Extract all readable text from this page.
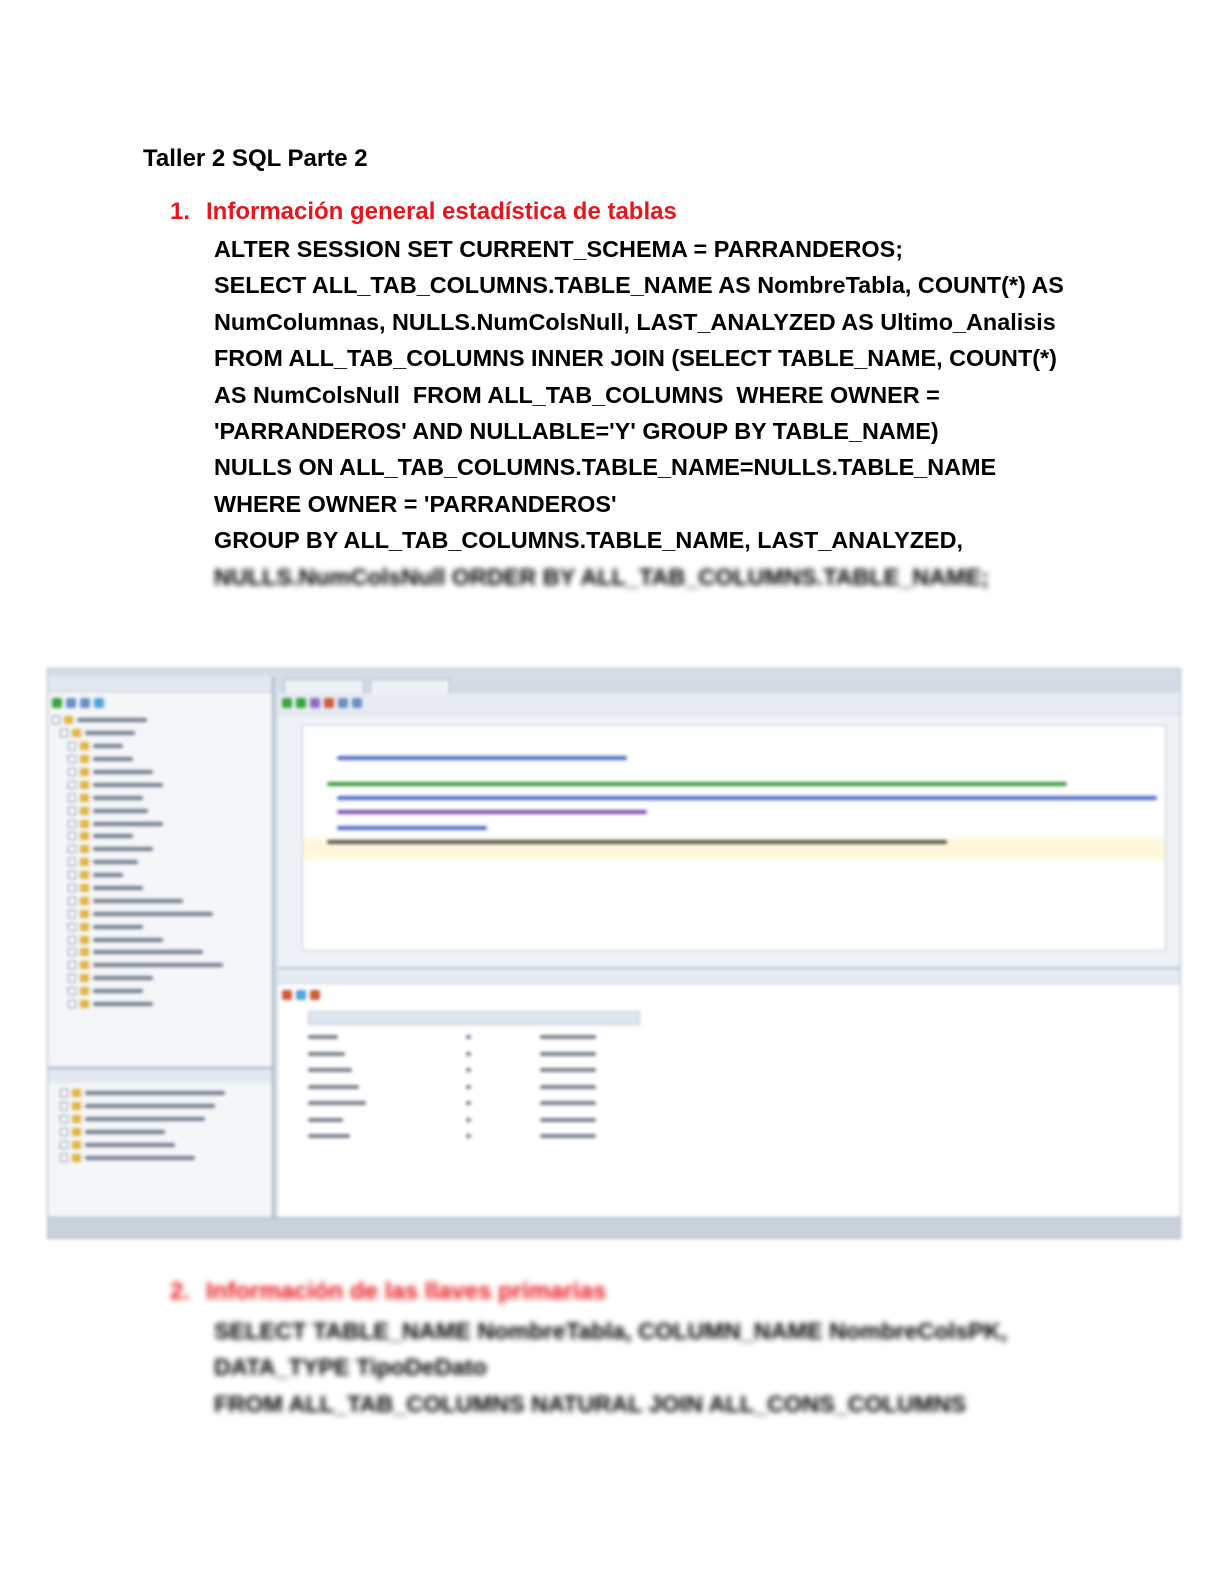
Taller 2 SQL Parte 2
1. Información general estadística de tablas
ALTER SESSION SET CURRENT_SCHEMA = PARRANDEROS;
SELECT ALL_TAB_COLUMNS.TABLE_NAME AS NombreTabla, COUNT(*) AS
NumColumnas, NULLS.NumColsNull, LAST_ANALYZED AS Ultimo_Analisis
FROM ALL_TAB_COLUMNS INNER JOIN (SELECT TABLE_NAME, COUNT(*)
AS NumColsNull  FROM ALL_TAB_COLUMNS  WHERE OWNER =
'PARRANDEROS' AND NULLABLE='Y' GROUP BY TABLE_NAME)
NULLS ON ALL_TAB_COLUMNS.TABLE_NAME=NULLS.TABLE_NAME
WHERE OWNER = 'PARRANDEROS'
GROUP BY ALL_TAB_COLUMNS.TABLE_NAME, LAST_ANALYZED,
NULLS.NumColsNull ORDER BY ALL_TAB_COLUMNS.TABLE_NAME;
2. Información de las llaves primarias
SELECT TABLE_NAME NombreTabla, COLUMN_NAME NombreColsPK,
DATA_TYPE TipoDeDato
FROM ALL_TAB_COLUMNS NATURAL JOIN ALL_CONS_COLUMNS
